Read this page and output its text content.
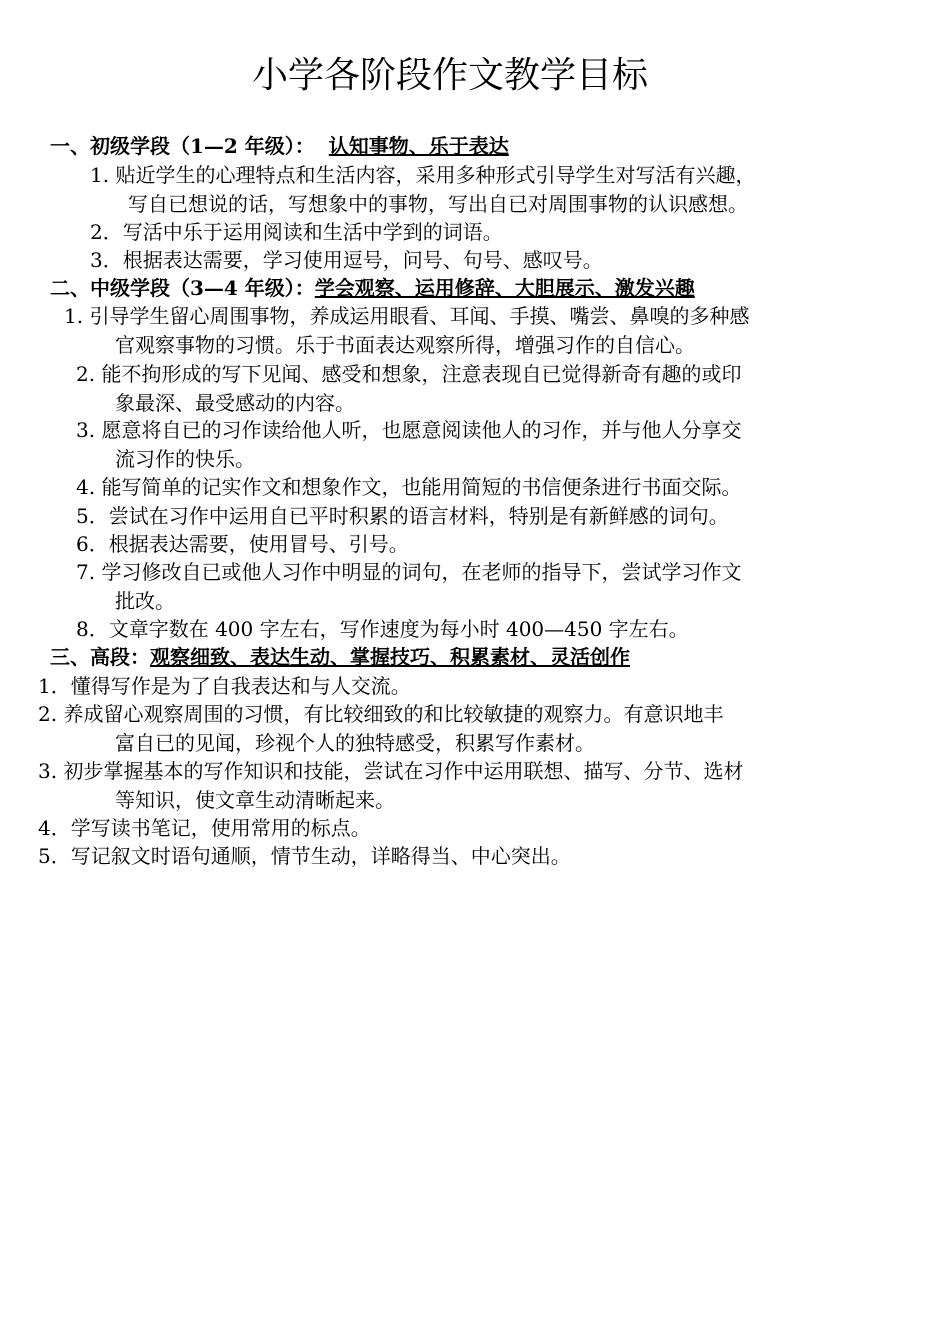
小学各阶段作文教学目标
一、初级学段（1—2 年级）： 认知事物、乐于表达
1. 贴近学生的心理特点和生活内容，采用多种形式引导学生对写活有兴趣，
写自已想说的话，写想象中的事物，写出自已对周围事物的认识感想。
2．写活中乐于运用阅读和生活中学到的词语。
3．根据表达需要，学习使用逗号，问号、句号、感叹号。
二、中级学段（3—4 年级）：学会观察、运用修辞、大胆展示、激发兴趣
1. 引导学生留心周围事物，养成运用眼看、耳闻、手摸、嘴尝、鼻嗅的多种感
官观察事物的习惯。乐于书面表达观察所得，增强习作的自信心。
2. 能不拘形成的写下见闻、感受和想象，注意表现自已觉得新奇有趣的或印
象最深、最受感动的内容。
3. 愿意将自已的习作读给他人听，也愿意阅读他人的习作，并与他人分享交
流习作的快乐。
4. 能写简单的记实作文和想象作文，也能用简短的书信便条进行书面交际。
5．尝试在习作中运用自已平时积累的语言材料，特别是有新鲜感的词句。
6．根据表达需要，使用冒号、引号。
7. 学习修改自已或他人习作中明显的词句，在老师的指导下，尝试学习作文
批改。
8．文章字数在 400 字左右，写作速度为每小时 400—450 字左右。
三、高段：观察细致、表达生动、掌握技巧、积累素材、灵活创作
1．懂得写作是为了自我表达和与人交流。
2. 养成留心观察周围的习惯，有比较细致的和比较敏捷的观察力。有意识地丰
富自已的见闻，珍视个人的独特感受，积累写作素材。
3. 初步掌握基本的写作知识和技能，尝试在习作中运用联想、描写、分节、选材
等知识，使文章生动清晰起来。
4．学写读书笔记，使用常用的标点。
5．写记叙文时语句通顺，情节生动，详略得当、中心突出。
